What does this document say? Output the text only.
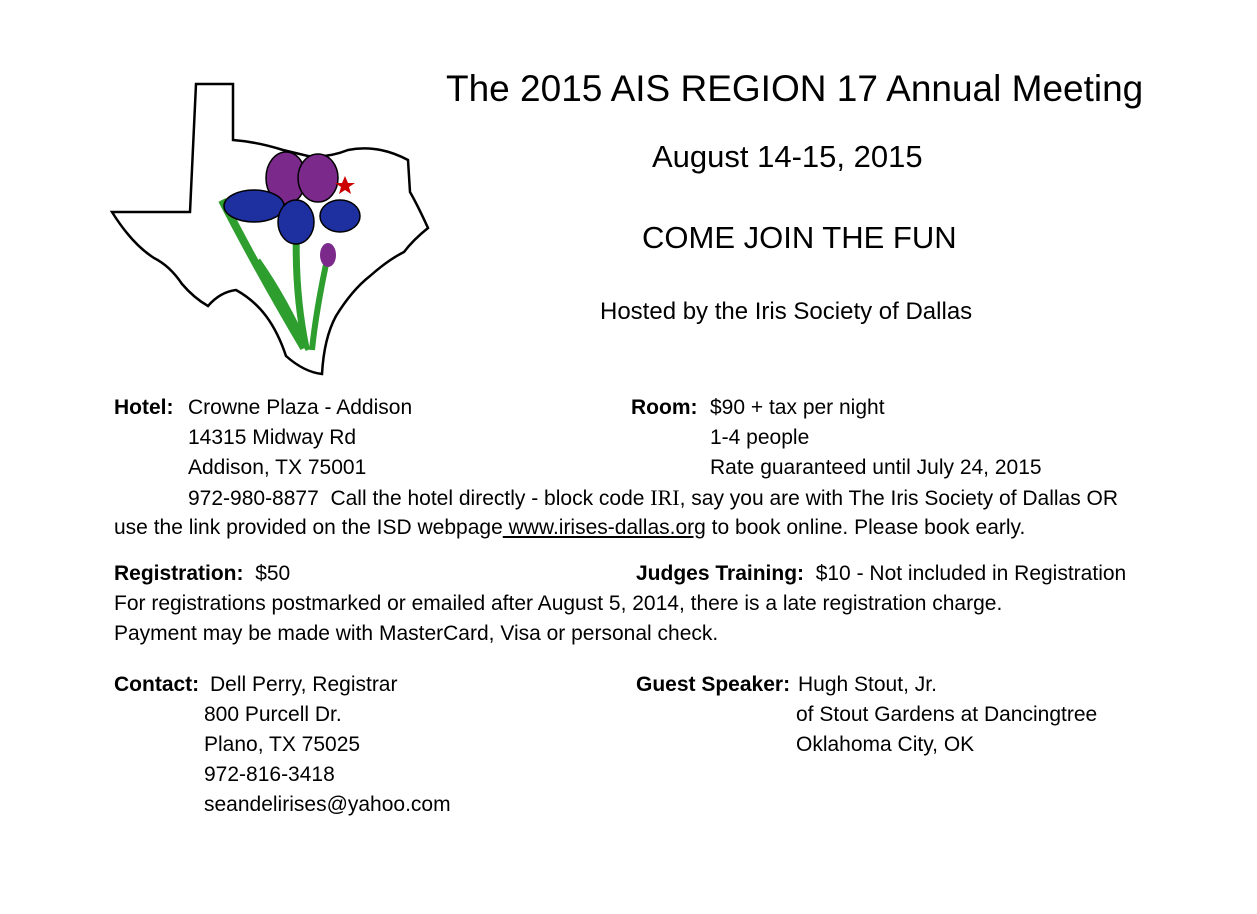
The 2015 AIS REGION 17 Annual Meeting
August 14-15, 2015
COME JOIN THE FUN
Hosted by the Iris Society of Dallas
Hotel: Crowne Plaza - Addison
14315 Midway Rd
Addison, TX 75001
972-980-8877  Call the hotel directly - block code IRI, say you are with The Iris Society of Dallas OR
use the link provided on the ISD webpage www.irises-dallas.org to book online. Please book early.
Room: $90 + tax per night
1-4 people
Rate guaranteed until July 24, 2015
Registration: $50	Judges Training: $10 - Not included in Registration
For registrations postmarked or emailed after August 5, 2014, there is a late registration charge.
Payment may be made with MasterCard, Visa or personal check.
Contact: Dell Perry, Registrar
800 Purcell Dr.
Plano, TX 75025
972-816-3418
seandelirises@yahoo.com
Guest Speaker: Hugh Stout, Jr.
of Stout Gardens at Dancingtree
Oklahoma City, OK
